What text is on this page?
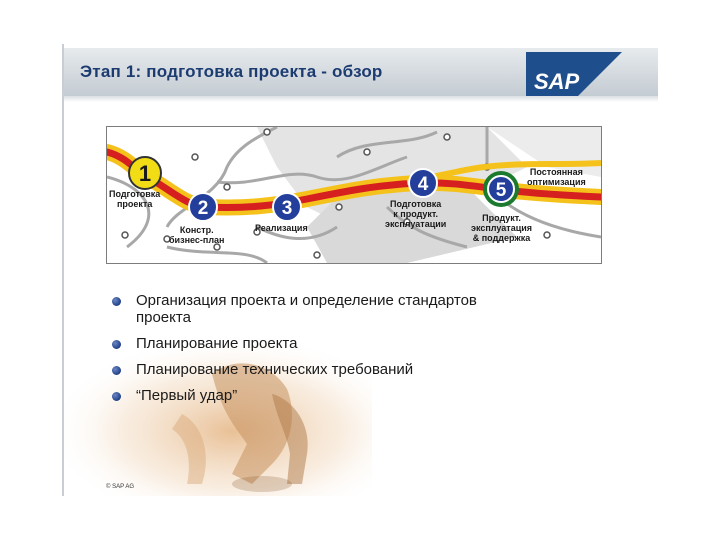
Этап 1: подготовка проекта - обзор	SAP
1
2	3
4	5
Подготовка
проекта
Констр.
бизнес-план
Реализация
Подготовка
к продукт.
эксплуатации
Продукт.
эксплуатация
& поддержка
Постоянная
оптимизация
Организация проекта и определение стандартов
проекта
Планирование проекта
Планирование технических требований
“Первый удар”
© SAP AG
